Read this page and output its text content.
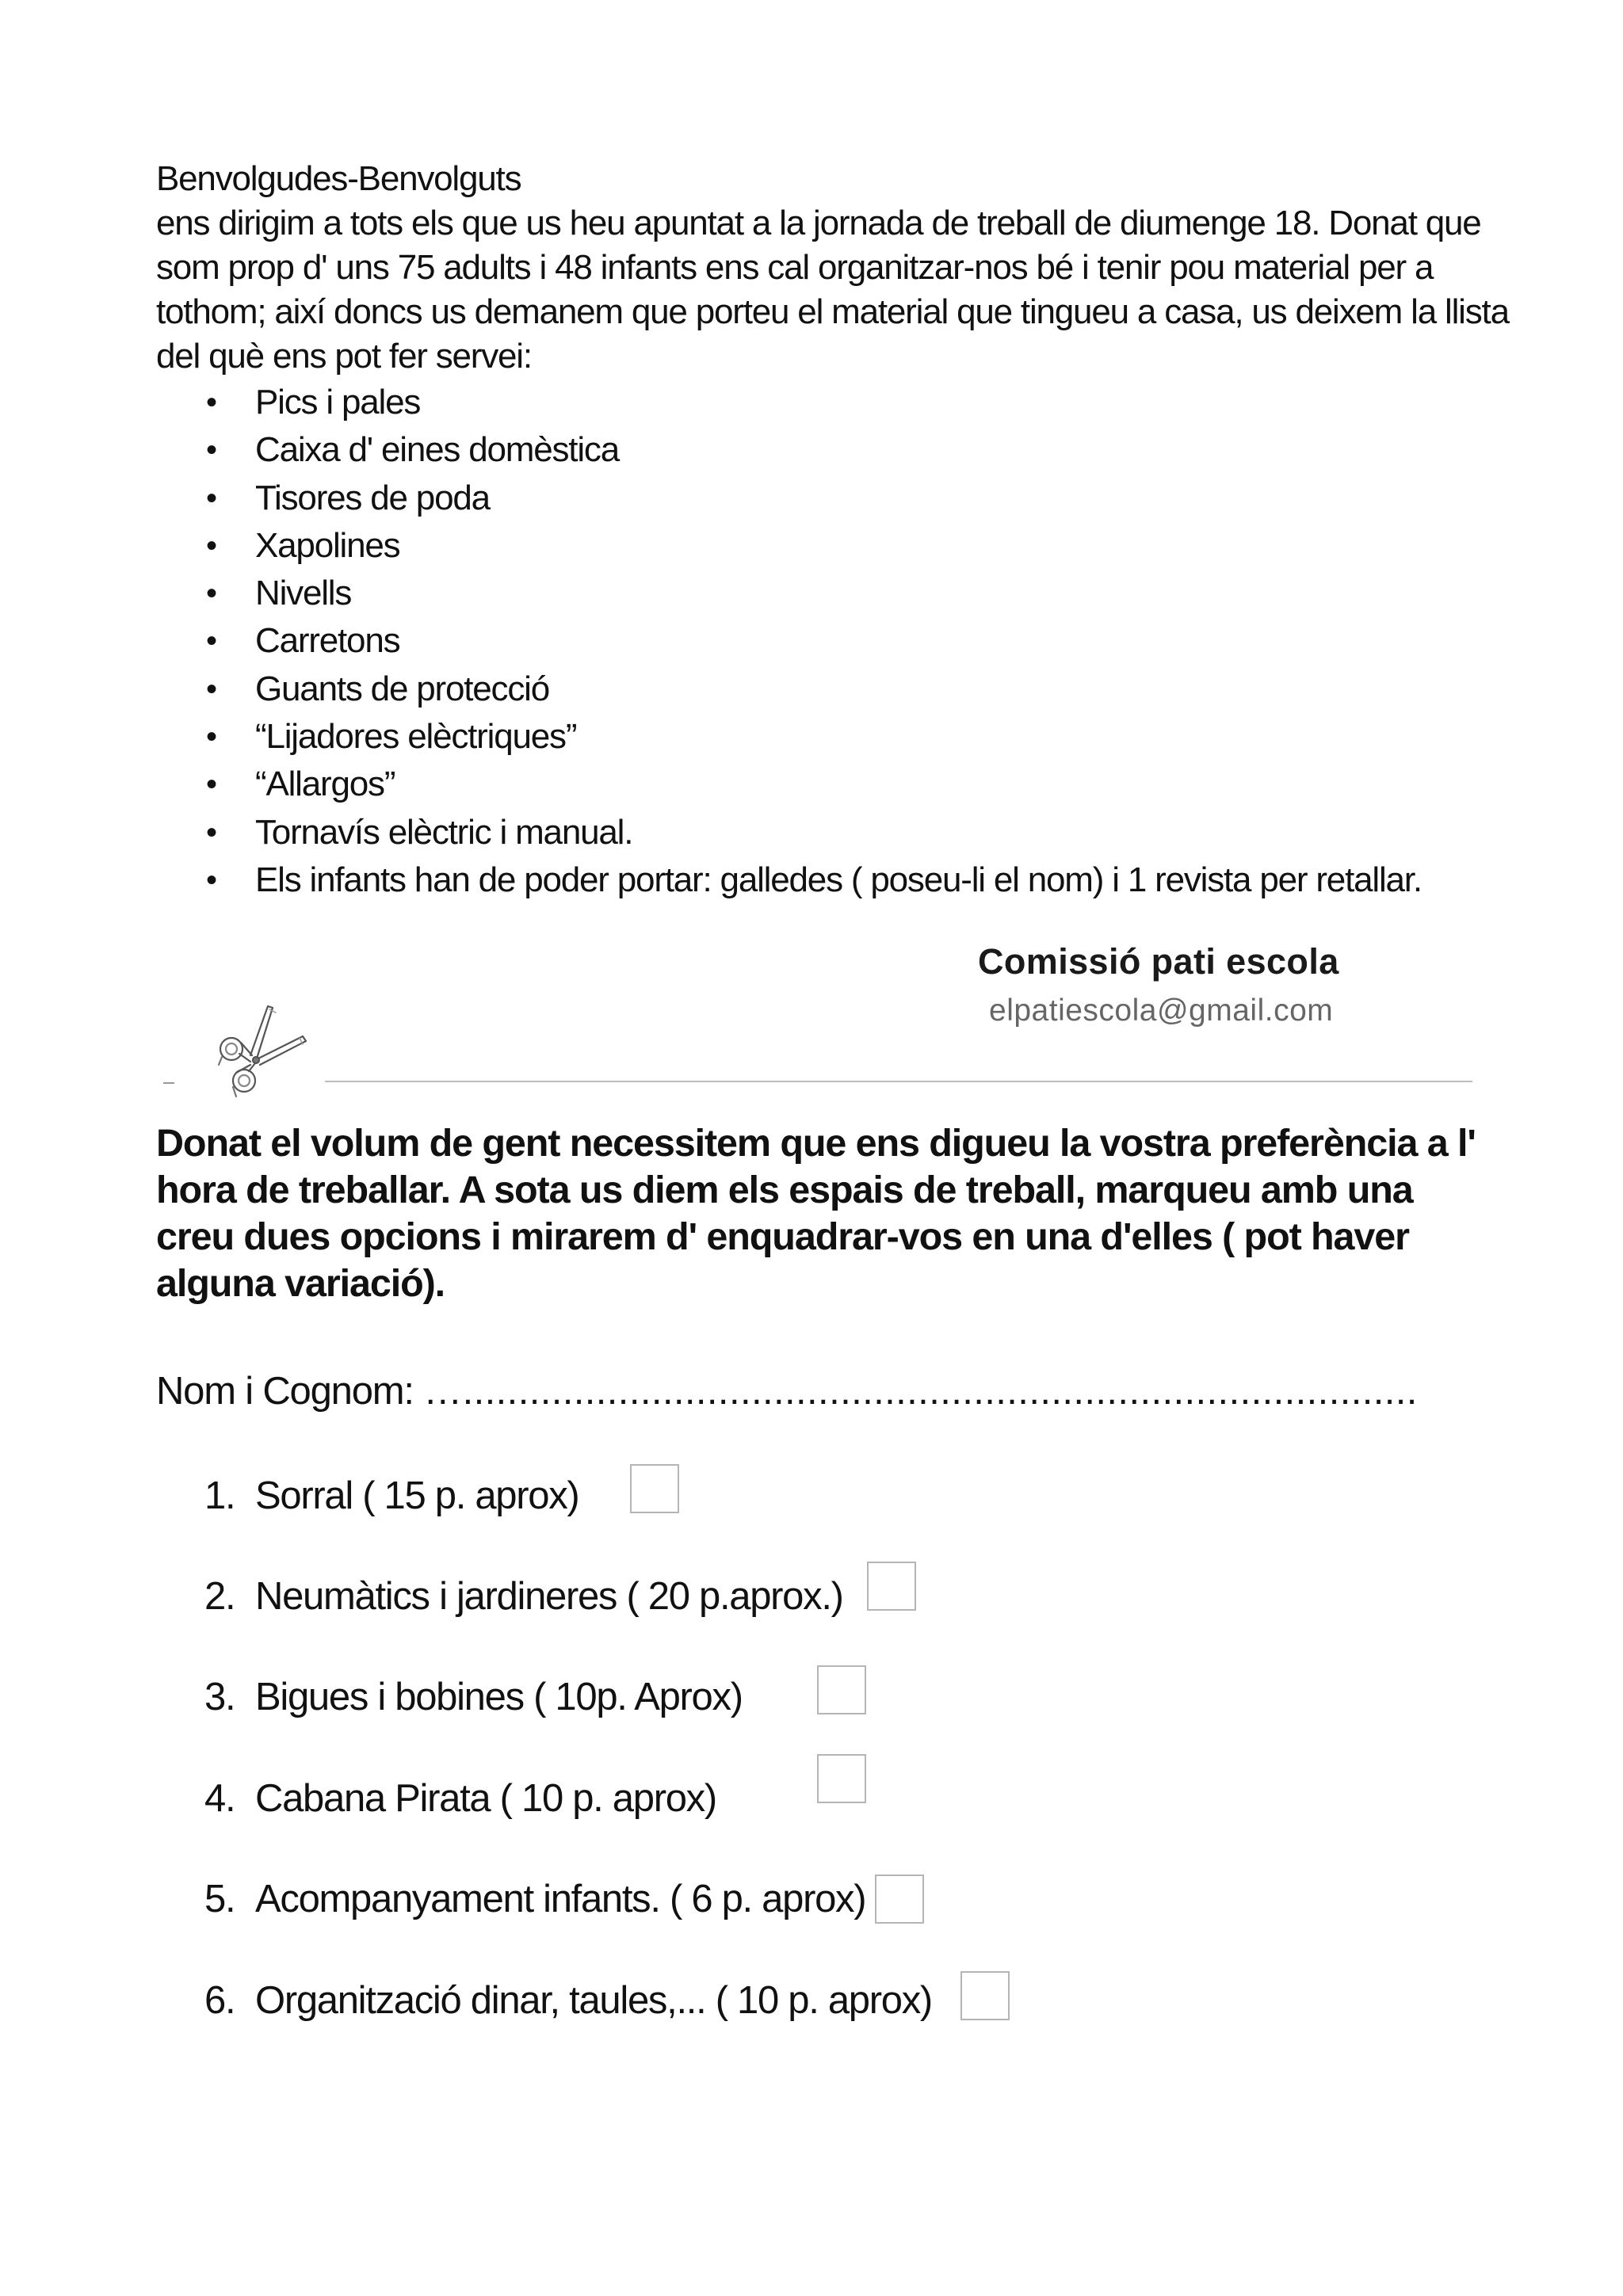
Benvolgudes-Benvolguts

ens dirigim a tots els que us heu apuntat a la jornada de treball de diumenge 18. Donat que
som prop d' uns 75 adults i 48 infants ens cal organitzar-nos bé i tenir pou material per a
tothom; així doncs us demanem que porteu el material que tingueu a casa, us deixem la llista
del què ens pot fer servei:

• Pics i pales
• Caixa d' eines domèstica
• Tisores de poda
• Xapolines
• Nivells
• Carretons
• Guants de protecció
• “Lijadores elèctriques”
• “Allargos”
• Tornavís elèctric i manual.
• Els infants han de poder portar: galledes ( poseu-li el nom) i 1 revista per retallar.
Comissió pati escola
elpatiescola@gmail.com

Donat el volum de gent necessitem que ens digueu la vostra preferència a l'
hora de treballar. A sota us diem els espais de treball, marqueu amb una
creu dues opcions i mirarem d' enquadrar-vos en una d'elles ( pot haver
alguna variació).

Nom i Cognom: …......................................................................................
1. Sorral ( 15 p. aprox)
2. Neumàtics i jardineres ( 20 p.aprox.)
3. Bigues i bobines ( 10p. Aprox)
4. Cabana Pirata ( 10 p. aprox)
5. Acompanyament infants. ( 6 p. aprox)
6. Organització dinar, taules,... ( 10 p. aprox)
